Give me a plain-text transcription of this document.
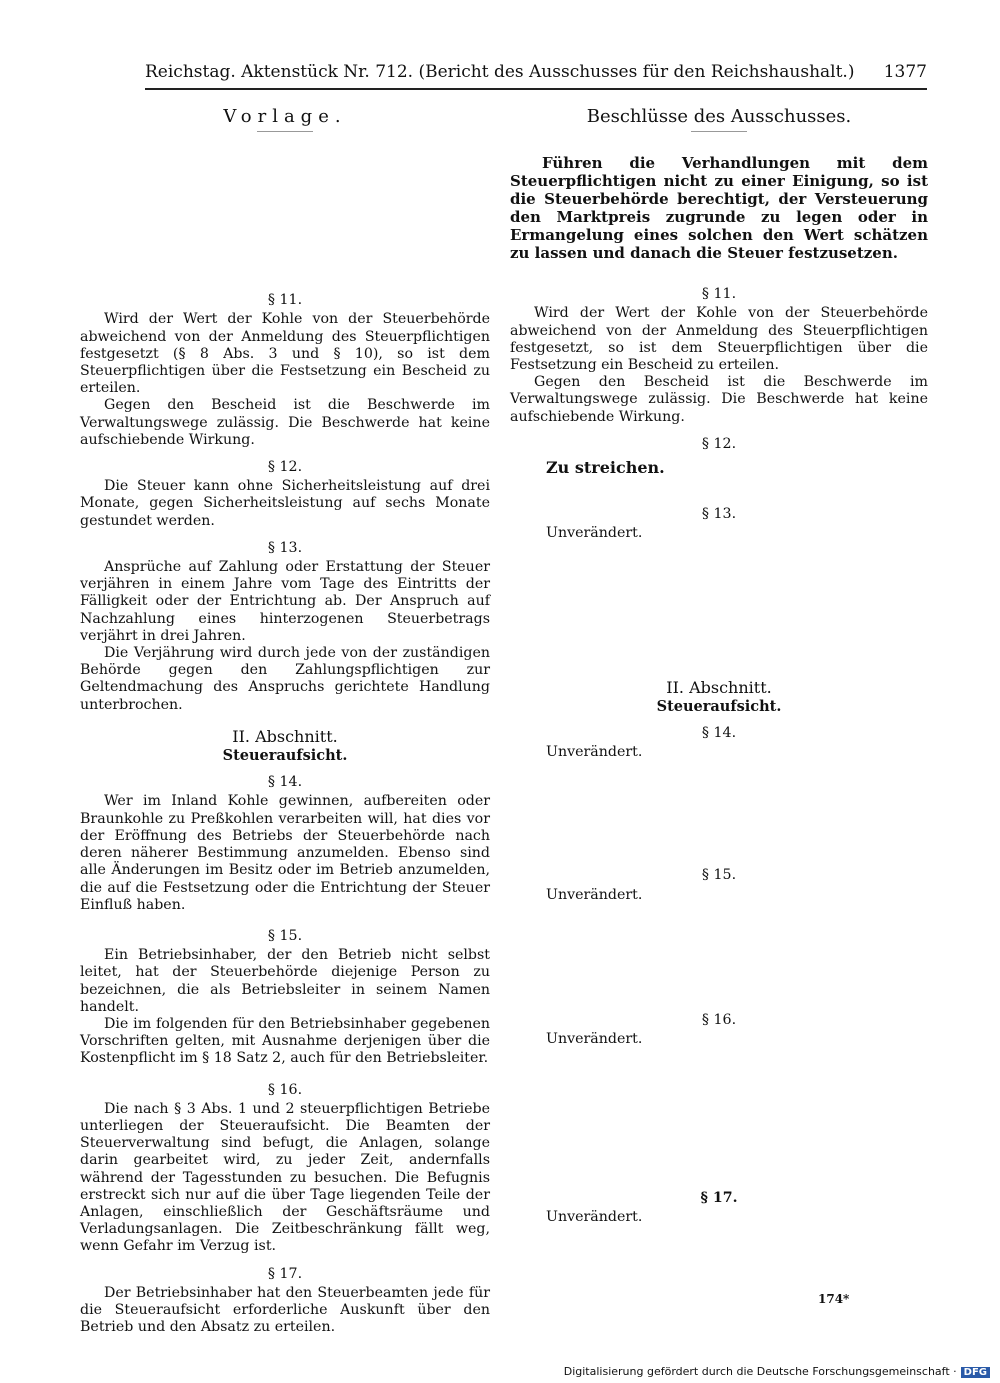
Reichstag. Aktenstück Nr. 712. (Bericht des Ausschusses für den Reichshaushalt.) 1377
Vorlage.
§ 11.

Wird der Wert der Kohle von der Steuerbehörde abweichend von der Anmeldung des Steuerpflichtigen festgesetzt (§ 8 Abs. 3 und § 10), so ist dem Steuerpflichtigen über die Festsetzung ein Bescheid zu erteilen.

Gegen den Bescheid ist die Beschwerde im Verwaltungswege zulässig. Die Beschwerde hat keine aufschiebende Wirkung.

§ 12.

Die Steuer kann ohne Sicherheitsleistung auf drei Monate, gegen Sicherheitsleistung auf sechs Monate gestundet werden.

§ 13.

Ansprüche auf Zahlung oder Erstattung der Steuer verjähren in einem Jahre vom Tage des Eintritts der Fälligkeit oder der Entrichtung ab. Der Anspruch auf Nachzahlung eines hinterzogenen Steuerbetrags verjährt in drei Jahren.

Die Verjährung wird durch jede von der zuständigen Behörde gegen den Zahlungspflichtigen zur Geltendmachung des Anspruchs gerichtete Handlung unterbrochen.

II. Abschnitt.
Steueraufsicht.
§ 14.

Wer im Inland Kohle gewinnen, aufbereiten oder Braunkohle zu Preßkohlen verarbeiten will, hat dies vor der Eröffnung des Betriebs der Steuerbehörde nach deren näherer Bestimmung anzumelden. Ebenso sind alle Änderungen im Besitz oder im Betrieb anzumelden, die auf die Festsetzung oder die Entrichtung der Steuer Einfluß haben.

§ 15.

Ein Betriebsinhaber, der den Betrieb nicht selbst leitet, hat der Steuerbehörde diejenige Person zu bezeichnen, die als Betriebsleiter in seinem Namen handelt.

Die im folgenden für den Betriebsinhaber gegebenen Vorschriften gelten, mit Ausnahme derjenigen über die Kostenpflicht im § 18 Satz 2, auch für den Betriebsleiter.

§ 16.

Die nach § 3 Abs. 1 und 2 steuerpflichtigen Betriebe unterliegen der Steueraufsicht. Die Beamten der Steuerverwaltung sind befugt, die Anlagen, solange darin gearbeitet wird, zu jeder Zeit, andernfalls während der Tagesstunden zu besuchen. Die Befugnis erstreckt sich nur auf die über Tage liegenden Teile der Anlagen, einschließlich der Geschäftsräume und Verladungsanlagen. Die Zeitbeschränkung fällt weg, wenn Gefahr im Verzug ist.

§ 17.

Der Betriebsinhaber hat den Steuerbeamten jede für die Steueraufsicht erforderliche Auskunft über den Betrieb und den Absatz zu erteilen.

Beschlüsse des Ausschusses.

Führen die Verhandlungen mit dem Steuerpflichtigen nicht zu einer Einigung, so ist die Steuerbehörde berechtigt, der Versteuerung den Marktpreis zugrunde zu legen oder in Ermangelung eines solchen den Wert schätzen zu lassen und danach die Steuer festzusetzen.

§ 11.

Wird der Wert der Kohle von der Steuerbehörde abweichend von der Anmeldung des Steuerpflichtigen festgesetzt, so ist dem Steuerpflichtigen über die Festsetzung ein Bescheid zu erteilen.

Gegen den Bescheid ist die Beschwerde im Verwaltungswege zulässig. Die Beschwerde hat keine aufschiebende Wirkung.

§ 12.
Zu streichen.
§ 13.
Unverändert.
II. Abschnitt.
Steueraufsicht.
§ 14.
Unverändert.
§ 15.
Unverändert.
§ 16.
Unverändert.
§ 17.
Unverändert.
174*
Digitalisierung gefördert durch die Deutsche Forschungsgemeinschaft · DFG
